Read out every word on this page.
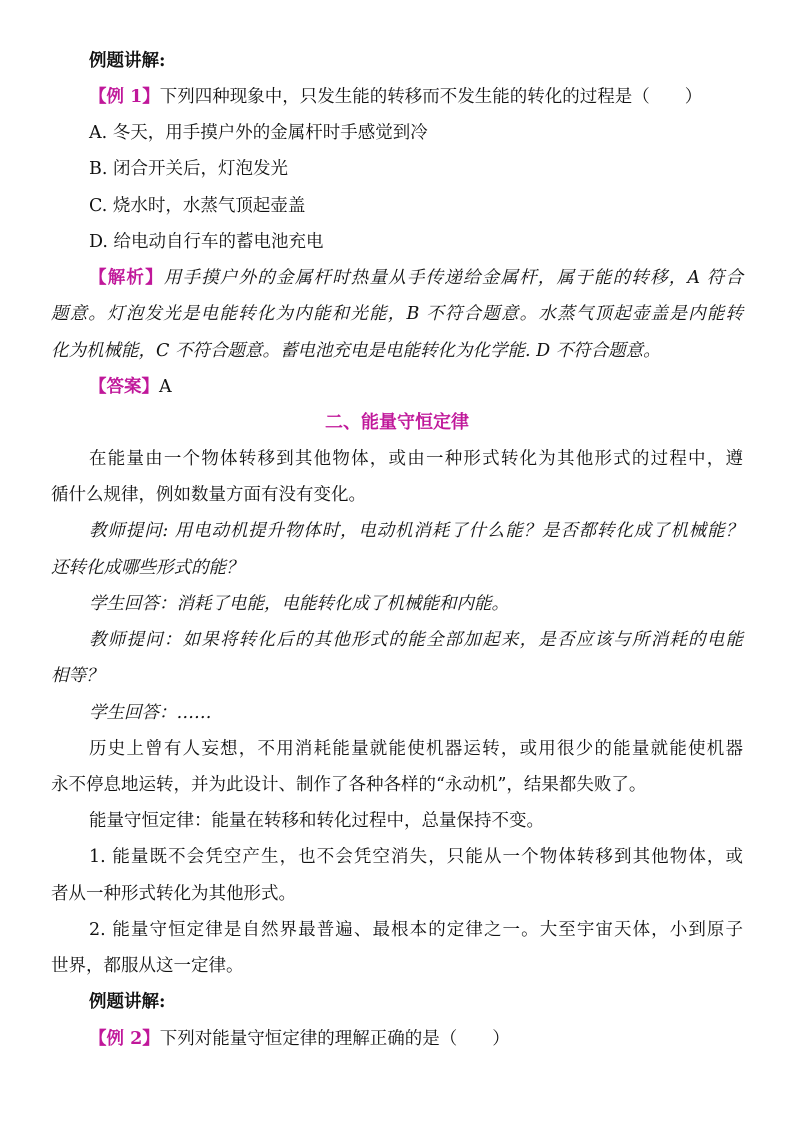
例题讲解:
【例 1】下列四种现象中，只发生能的转移而不发生能的转化的过程是（　　）
A. 冬天，用手摸户外的金属杆时手感觉到冷
B. 闭合开关后，灯泡发光
C. 烧水时，水蒸气顶起壶盖
D. 给电动自行车的蓄电池充电
【解析】用手摸户外的金属杆时热量从手传递给金属杆，属于能的转移，A 符合
题意。灯泡发光是电能转化为内能和光能，B 不符合题意。水蒸气顶起壶盖是内能转
化为机械能，C 不符合题意。蓄电池充电是电能转化为化学能. D 不符合题意。
【答案】A
二、能量守恒定律
在能量由一个物体转移到其他物体，或由一种形式转化为其他形式的过程中，遵
循什么规律，例如数量方面有没有变化。
教师提问: 用电动机提升物体时，电动机消耗了什么能？是否都转化成了机械能？
还转化成哪些形式的能？
学生回答：消耗了电能，电能转化成了机械能和内能。
教师提问：如果将转化后的其他形式的能全部加起来，是否应该与所消耗的电能
相等？
学生回答：……
历史上曾有人妄想，不用消耗能量就能使机器运转，或用很少的能量就能使机器
永不停息地运转，并为此设计、制作了各种各样的“永动机”，结果都失败了。
能量守恒定律：能量在转移和转化过程中，总量保持不变。
1. 能量既不会凭空产生，也不会凭空消失，只能从一个物体转移到其他物体，或
者从一种形式转化为其他形式。
2. 能量守恒定律是自然界最普遍、最根本的定律之一。大至宇宙天体，小到原子
世界，都服从这一定律。
例题讲解:
【例 2】下列对能量守恒定律的理解正确的是（　　）
